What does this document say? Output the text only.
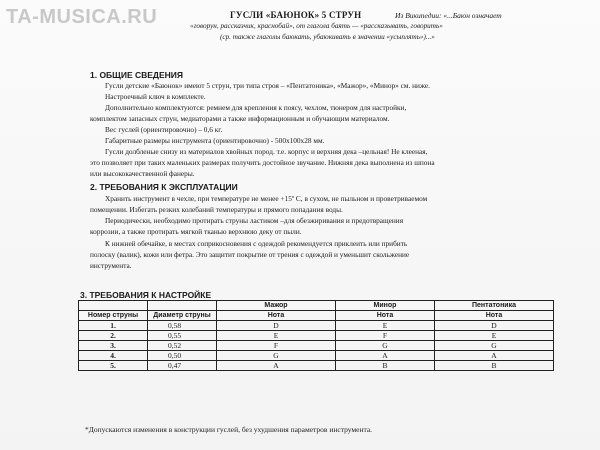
TA-MUSICA.RU	ГУСЛИ «БАЮНОК» 5 СТРУН	Из Википедии: «...Баюн означает
«говорун, рассказчик, краснобай», от глагола баять — «рассказывать, говорить»
(ср. также глаголы баюкать, убаюкивать в значении «усыплять»)...»
1. ОБЩИЕ СВЕДЕНИЯ
Гусли детские «Баюнок» имеют 5 струн, три типа строя – «Пентатоника», «Мажор», «Минор» см. ниже.
Настроечный ключ в комплекте.
Дополнительно комплектуются: ремнем для крепления к поясу, чехлом, тюнером для настройки,
комплектом запасных струн, медиаторами а также информационным и обучающим материалом.
Вес гуслей (ориентировочно) – 0,6 кг.
Габаритные размеры инструмента (ориентировочно) - 500х100х28 мм.
Гусли долбленые снизу из материалов хвойных пород. т.е. корпус и верхняя дека –цельная! Не клееная,
это позволяет при таких маленьких размерах получить достойное звучание. Нижняя дека выполнена из шпона
или высококачественной фанеры.
2. ТРЕБОВАНИЯ К ЭКСПЛУАТАЦИИ
Хранить инструмент в чехле, при температуре не менее +15º С, в сухом, не пыльном и проветриваемом
помещении. Избегать резких колебаний температуры и прямого попадания воды.
Периодически, необходимо протирать струны ластиком –для обезжиривания и предотвращения
коррозии, а также протирать мягкой тканью верхнюю деку от пыли.
К нижней обечайке, в местах соприкосновения с одеждой рекомендуется приклеить или прибить
полоску (валик), кожи или фетра. Это защитит покрытие от трения с одеждой и уменьшит скольжение
инструмента.
3. ТРЕБОВАНИЯ К НАСТРОЙКЕ
		Мажор	Минор	Пентатоника
Номер струны	Диаметр струны	Нота	Нота	Нота
1.	0,58	D	E	D
2.	0,55	E	F	E
3.	0,52	F	G	G
4.	0,50	G	A	A
5.	0,47	A	B	B
*Допускаются изменения в конструкции гуслей, без ухудшения параметров инструмента.
